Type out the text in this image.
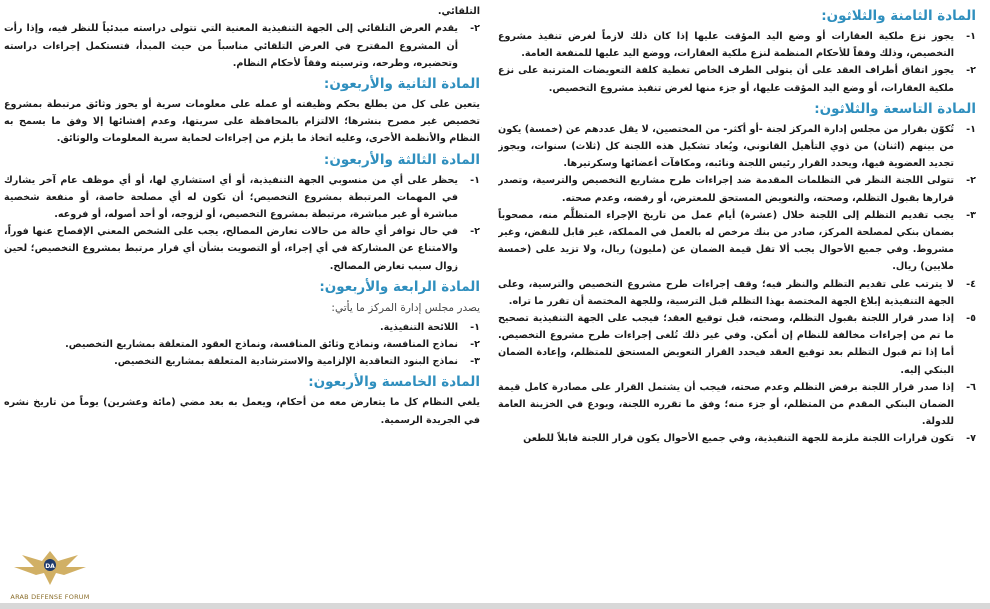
المادة الثامنة والثلاثون:

١-
يجوز نزع ملكية العقارات أو وضع اليد المؤقت عليها إذا كان ذلك لازماً لغرض تنفيذ مشروع التخصيص، وذلك وفقاً للأحكام المنظمة لنزع ملكية العقارات، ووضع اليد عليها للمنفعة العامة.

٢-
يجوز اتفاق أطراف العقد على أن يتولى الطرف الخاص تغطية كلفة التعويضات المترتبة على نزع ملكية العقارات، أو وضع اليد المؤقت عليها، أو جزء منها لغرض تنفيذ مشروع التخصيص.

المادة التاسعة والثلاثون:

١-
تُكوّن بقرار من مجلس إدارة المركز لجنة -أو أكثر- من المختصين، لا يقل عددهم عن (خمسة) يكون من بينهم (اثنان) من ذوي التأهيل القانوني، ويُعاد تشكيل هذه اللجنة كل (ثلاث) سنوات، ويجوز تجديد العضوية فيها، ويحدد القرار رئيس اللجنة ونائبه، ومكافآت أعضائها وسكرتيرها.

٢-
تتولى اللجنة النظر في التظلمات المقدمة ضد إجراءات طرح مشاريع التخصيص والترسية، وتصدر قرارها بقبول التظلم، وصحته، والتعويض المستحق للمعترض، أو رفضه، وعدم صحته.

٣-
يجب تقديم التظلم إلى اللجنة خلال (عشرة) أيام عمل من تاريخ الإجراء المتظلَّم منه، مصحوباً بضمان بنكي لمصلحة المركز، صادر من بنك مرخص له بالعمل في المملكة، غير قابل للنقض، وغير مشروط. وفي جميع الأحوال يجب ألا تقل قيمة الضمان عن (مليون) ريال، ولا تزيد على (خمسة ملايين) ريال.

٤-
لا يترتب على تقديم التظلم والنظر فيه؛ وقف إجراءات طرح مشروع التخصيص والترسية، وعلى الجهة التنفيذية إبلاغ الجهة المختصة بهذا التظلم قبل الترسية، وللجهة المختصة أن تقرر ما تراه.

٥-
إذا صدر قرار اللجنة بقبول التظلم، وصحته، قبل توقيع العقد؛ فيجب على الجهة التنفيذية تصحيح ما تم من إجراءات مخالفة للنظام إن أمكن. وفي غير ذلك تُلغى إجراءات طرح مشروع التخصيص. أما إذا تم قبول التظلم بعد توقيع العقد فيحدد القرار التعويض المستحق للمتظلم، وإعادة الضمان البنكي إليه.

٦-
إذا صدر قرار اللجنة برفض التظلم وعدم صحته، فيجب أن يشتمل القرار على مصادرة كامل قيمة الضمان البنكي المقدم من المتظلم، أو جزء منه؛ وفق ما تقرره اللجنة، ويودع في الخزينة العامة للدولة.

٧-
تكون قرارات اللجنة ملزمة للجهة التنفيذية، وفي جميع الأحوال يكون قرار اللجنة قابلاً للطعن

التلقائي.

٢-
يقدم العرض التلقائي إلى الجهة التنفيذية المعنية التي تتولى دراسته مبدئياً للنظر فيه، وإذا رأت أن المشروع المقترح في العرض التلقائي مناسباً من حيث المبدأ، فتستكمل إجراءات دراسته وتحضيره، وطرحه، وترسيته وفقاً لأحكام النظام.

المادة الثانية والأربعون:

يتعين على كل من يطلع بحكم وظيفته أو عمله على معلومات سرية أو يحوز وثائق مرتبطة بمشروع تخصيص غير مصرح بنشرها؛ الالتزام بالمحافظة على سريتها، وعدم إفشائها إلا وفق ما يسمح به النظام والأنظمة الأخرى، وعليه اتخاذ ما يلزم من إجراءات لحماية سرية المعلومات والوثائق.

المادة الثالثة والأربعون:

١-
يحظر على أي من منسوبي الجهة التنفيذية، أو أي استشاري لها، أو أي موظف عام آخر يشارك في المهمات المرتبطة بمشروع التخصيص؛ أن تكون له أي مصلحة خاصة، أو منفعة شخصية مباشرة أو غير مباشرة، مرتبطة بمشروع التخصيص، أو لزوجه، أو أحد أصوله، أو فروعه.

٢-
في حال توافر أي حالة من حالات تعارض المصالح، يجب على الشخص المعني الإفصاح عنها فوراً، والامتناع عن المشاركة في أي إجراء، أو التصويت بشأن أي قرار مرتبط بمشروع التخصيص؛ لحين زوال سبب تعارض المصالح.

المادة الرابعة والأربعون:

يصدر مجلس إدارة المركز ما يأتي:

١-
اللائحة التنفيذية.

٢-
نماذج المنافسة، ونماذج وثائق المنافسة، ونماذج العقود المتعلقة بمشاريع التخصيص.

٣-
نماذج البنود التعاقدية الإلزامية والاسترشادية المتعلقة بمشاريع التخصيص.

المادة الخامسة والأربعون:

يلغي النظام كل ما يتعارض معه من أحكام، ويعمل به بعد مضي (مائة وعشرين) يوماً من تاريخ نشره في الجريدة الرسمية.

DA
ARAB DEFENSE FORUM
